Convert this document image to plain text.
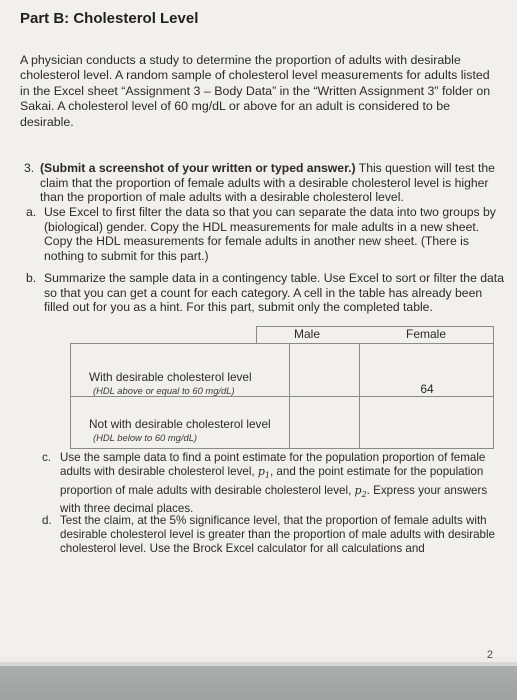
Part B: Cholesterol Level
A physician conducts a study to determine the proportion of adults with desirable cholesterol level. A random sample of cholesterol level measurements for adults listed in the Excel sheet “Assignment 3 – Body Data” in the “Written Assignment 3” folder on Sakai. A cholesterol level of 60 mg/dL or above for an adult is considered to be desirable.
3. (Submit a screenshot of your written or typed answer.) This question will test the claim that the proportion of female adults with a desirable cholesterol level is higher than the proportion of male adults with a desirable cholesterol level.
a. Use Excel to first filter the data so that you can separate the data into two groups by (biological) gender. Copy the HDL measurements for male adults in a new sheet. Copy the HDL measurements for female adults in another new sheet. (There is nothing to submit for this part.)
b. Summarize the sample data in a contingency table. Use Excel to sort or filter the data so that you can get a count for each category. A cell in the table has already been filled out for you as a hint. For this part, submit only the completed table.
Male	Female
With desirable cholesterol level
(HDL above or equal to 60 mg/dL)
Not with desirable cholesterol level
(HDL below to 60 mg/dL)
64
c. Use the sample data to find a point estimate for the population proportion of female adults with desirable cholesterol level, $p_1$, and the point estimate for the population proportion of male adults with desirable cholesterol level, $p_2$. Express your answers with three decimal places.
d. Test the claim, at the 5% significance level, that the proportion of female adults with desirable cholesterol level is greater than the proportion of male adults with desirable cholesterol level. Use the Brock Excel calculator for all calculations and
2
